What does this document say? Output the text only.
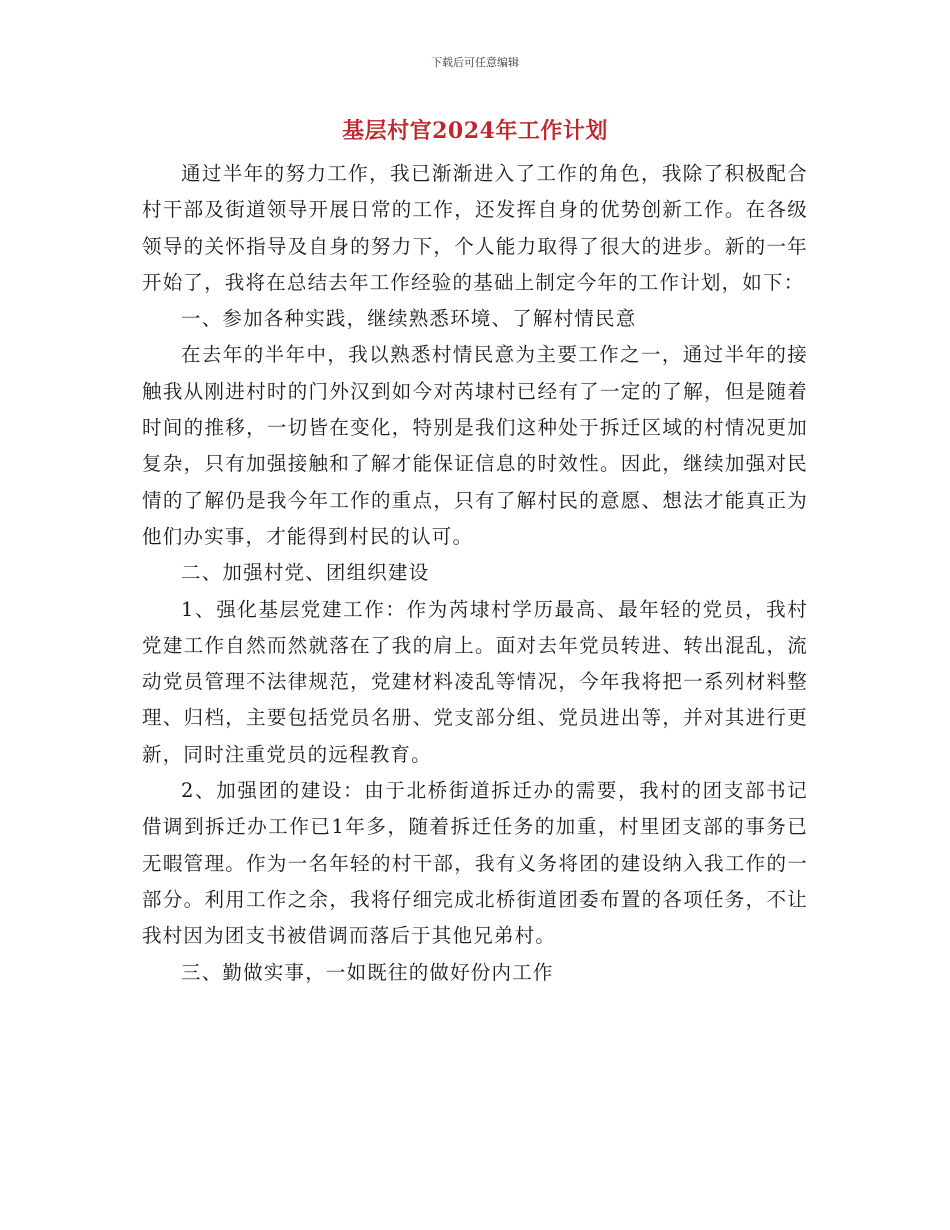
下载后可任意编辑
基层村官2024年工作计划

通过半年的努力工作，我已渐渐进入了工作的角色，我除了积极配合村干部及街道领导开展日常的工作，还发挥自身的优势创新工作。在各级领导的关怀指导及自身的努力下，个人能力取得了很大的进步。新的一年开始了，我将在总结去年工作经验的基础上制定今年的工作计划，如下：

一、参加各种实践，继续熟悉环境、了解村情民意

在去年的半年中，我以熟悉村情民意为主要工作之一，通过半年的接触我从刚进村时的门外汉到如今对芮埭村已经有了一定的了解，但是随着时间的推移，一切皆在变化，特别是我们这种处于拆迁区域的村情况更加复杂，只有加强接触和了解才能保证信息的时效性。因此，继续加强对民情的了解仍是我今年工作的重点，只有了解村民的意愿、想法才能真正为他们办实事，才能得到村民的认可。

二、加强村党、团组织建设

1、强化基层党建工作：作为芮埭村学历最高、最年轻的党员，我村党建工作自然而然就落在了我的肩上。面对去年党员转进、转出混乱，流动党员管理不法律规范，党建材料凌乱等情况，今年我将把一系列材料整理、归档，主要包括党员名册、党支部分组、党员进出等，并对其进行更新，同时注重党员的远程教育。

2、加强团的建设：由于北桥街道拆迁办的需要，我村的团支部书记借调到拆迁办工作已1年多，随着拆迁任务的加重，村里团支部的事务已无暇管理。作为一名年轻的村干部，我有义务将团的建设纳入我工作的一部分。利用工作之余，我将仔细完成北桥街道团委布置的各项任务，不让我村因为团支书被借调而落后于其他兄弟村。

三、勤做实事，一如既往的做好份内工作
